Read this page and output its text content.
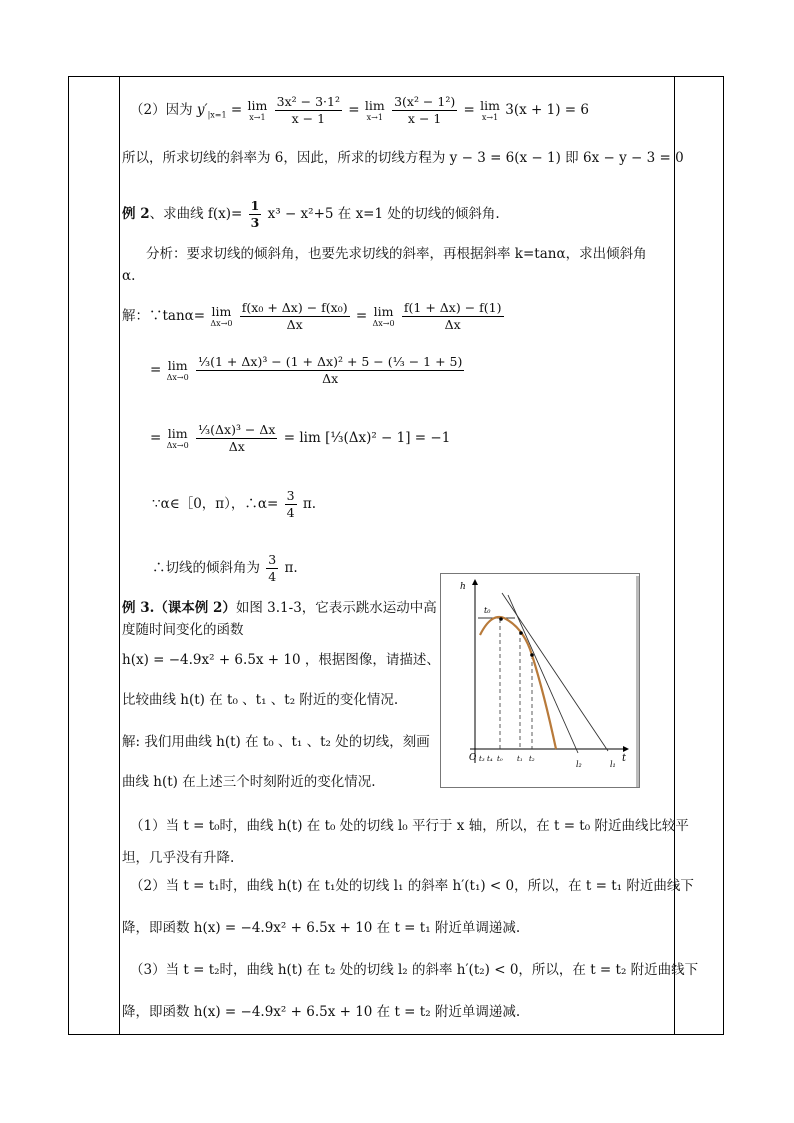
（2）因为 $y'_{|x=1} = \lim$
x→1
$\frac{\text{3x² − 3·1²}}{x - 1} = \lim$
x→1
$\frac{\text{3(x² − 1²)}}{x - 1} = \lim$
x→1 3(x + 1) = 6
所以，所求切线的斜率为 6，因此，所求的切线方程为 y − 3 = 6(x − 1) 即 6x − y − 3 = 0
例 2、求曲线 $f(x)= \frac{1}{3} x^3 - x^2+5$ 在 x=1 处的切线的倾斜角.
分析：要求切线的倾斜角，也要先求切线的斜率，再根据斜率 k=tanα，求出倾斜角
α.
解：∵tanα= lim
Δx→0
$\frac{\text{f(x₀ + Δx) − f(x₀)}}{\Delta x} = \lim$
Δx→0
$\frac{f(1 + \Delta x) - f(1)}{\Delta x}$
= lim
Δx→0
$\frac{\text{⅓(1 + Δx)³ − (1 + Δx)² + 5 − (⅓ − 1 + 5)}}{\Delta x}$
= lim
Δx→0
$\frac{\text{⅓(Δx)³ − Δx}}{\Delta x} = \lim$ [⅓(Δx)² − 1] = −1
∵α∈［0，π），∴α= $\frac{3}{4} \pi$.
∴切线的倾斜角为 $\frac{3}{4} \pi$.
例 3.（课本例 2）如图 3.1-3，它表示跳水运动中高
度随时间变化的函数
h(x) = −4.9x² + 6.5x + 10 ，根据图像，请描述、
比较曲线 h(t) 在 t₀ 、t₁ 、t₂ 附近的变化情况.
解: 我们用曲线 h(t) 在 t₀ 、t₁ 、t₂ 处的切线，刻画
曲线 h(t) 在上述三个时刻附近的变化情况.
h
t
O
t₀
t₃ t₄ t₀ t₁ t₂
l₂	l₁
（1）当 t = t₀时，曲线 h(t) 在 t₀ 处的切线 l₀ 平行于 x 轴，所以，在 t = t₀ 附近曲线比较平
坦，几乎没有升降.
（2）当 t = t₁时，曲线 h(t) 在 t₁处的切线 l₁ 的斜率 h′(t₁) < 0，所以，在 t = t₁ 附近曲线下
降，即函数 h(x) = −4.9x² + 6.5x + 10 在 t = t₁ 附近单调递减.
（3）当 t = t₂时，曲线 h(t) 在 t₂ 处的切线 l₂ 的斜率 h′(t₂) < 0，所以，在 t = t₂ 附近曲线下
降，即函数 h(x) = −4.9x² + 6.5x + 10 在 t = t₂ 附近单调递减.
